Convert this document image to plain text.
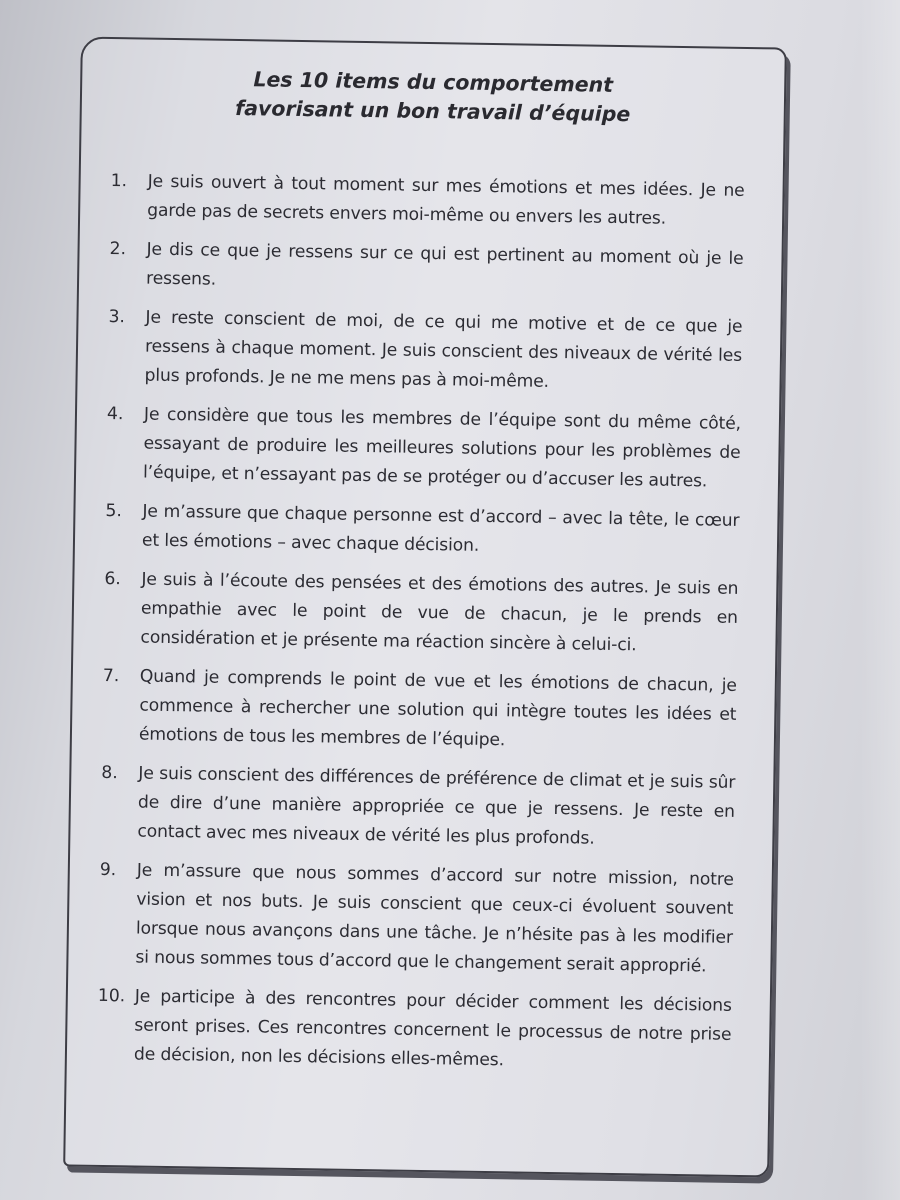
Les 10 items du comportement
favorisant un bon travail d’équipe
1.	Je suis ouvert à tout moment sur mes émotions et mes idées. Je ne garde pas de secrets envers moi-même ou envers les autres.
2.	Je dis ce que je ressens sur ce qui est pertinent au moment où je le ressens.
3.	Je reste conscient de moi, de ce qui me motive et de ce que je ressens à chaque moment. Je suis conscient des niveaux de vérité les plus profonds. Je ne me mens pas à moi-même.
4.	Je considère que tous les membres de l’équipe sont du même côté, essayant de produire les meilleures solutions pour les problèmes de l’équipe, et n’essayant pas de se protéger ou d’accuser les autres.
5.	Je m’assure que chaque personne est d’accord – avec la tête, le cœur et les émotions – avec chaque décision.
6.	Je suis à l’écoute des pensées et des émotions des autres. Je suis en empathie avec le point de vue de chacun, je le prends en considération et je présente ma réaction sincère à celui-ci.
7.	Quand je comprends le point de vue et les émotions de chacun, je commence à rechercher une solution qui intègre toutes les idées et émotions de tous les membres de l’équipe.
8.	Je suis conscient des différences de préférence de climat et je suis sûr de dire d’une manière appropriée ce que je ressens. Je reste en contact avec mes niveaux de vérité les plus profonds.
9.	Je m’assure que nous sommes d’accord sur notre mission, notre vision et nos buts. Je suis conscient que ceux-ci évoluent souvent lorsque nous avançons dans une tâche. Je n’hésite pas à les modifier si nous sommes tous d’accord que le changement serait approprié.
10. Je participe à des rencontres pour décider comment les décisions seront prises. Ces rencontres concernent le processus de notre prise de décision, non les décisions elles-mêmes.
